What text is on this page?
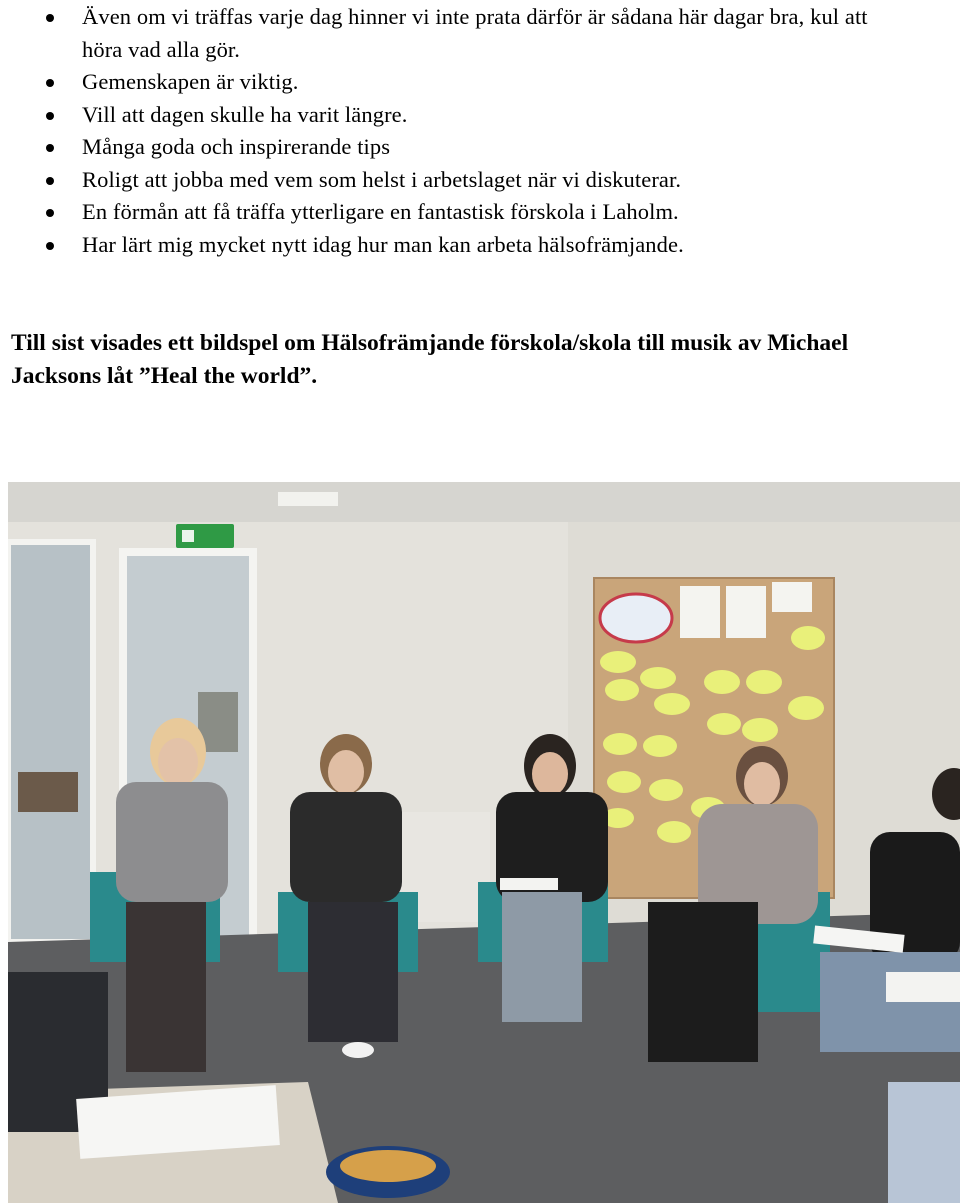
Även om vi träffas varje dag hinner vi inte prata därför är sådana här dagar bra, kul att höra vad alla gör.
Gemenskapen är viktig.
Vill att dagen skulle ha varit längre.
Många goda och inspirerande tips
Roligt att jobba med vem som helst i arbetslaget när vi diskuterar.
En förmån att få träffa ytterligare en fantastisk förskola i Laholm.
Har lärt mig mycket nytt idag hur man kan arbeta hälsofrämjande.

Till sist visades ett bildspel om Hälsofrämjande förskola/skola till musik av Michael Jacksons låt ”Heal the world”.
